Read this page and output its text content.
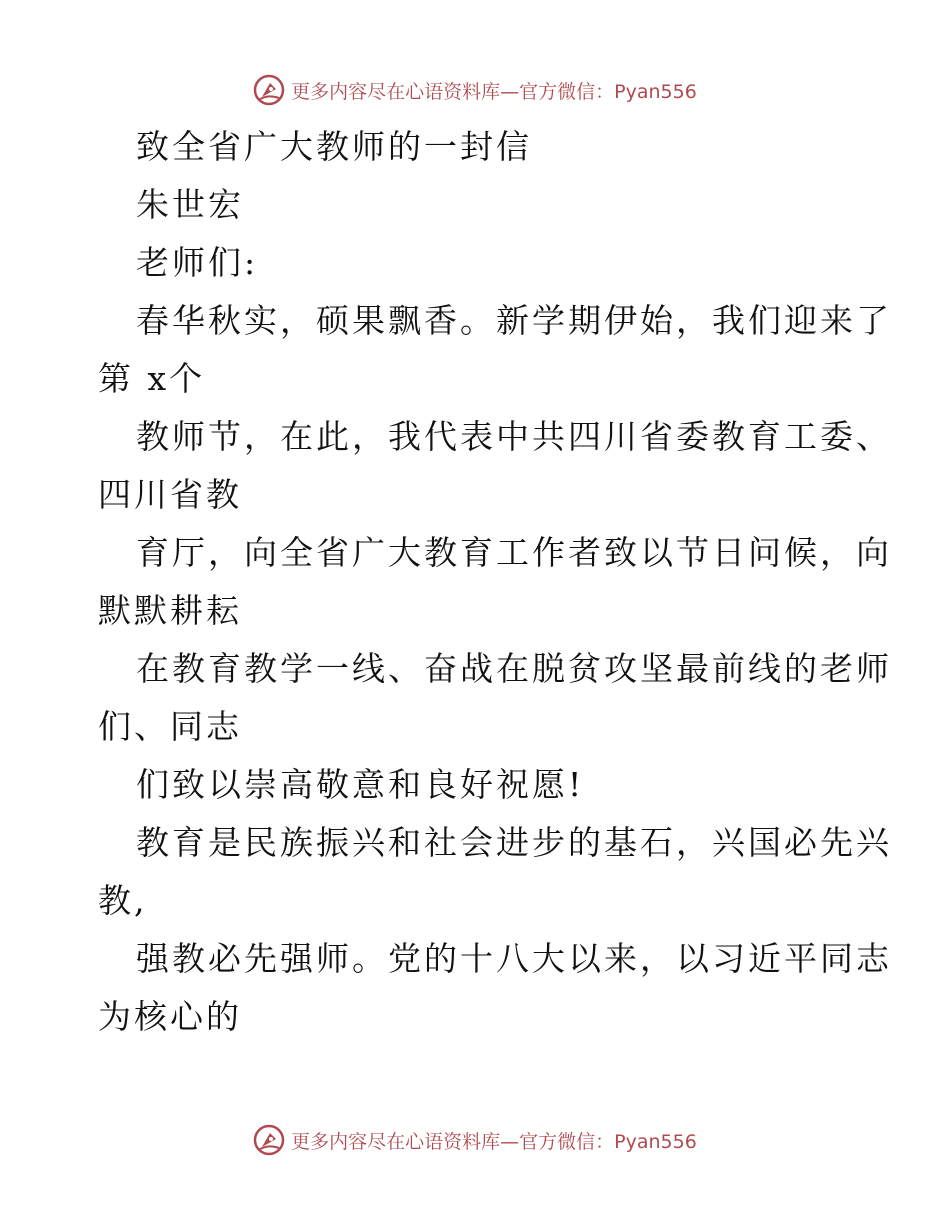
更多内容尽在心语资料库—官方微信：Pyan556
致全省广大教师的一封信
朱世宏
老师们:
春华秋实，硕果飘香。新学期伊始，我们迎来了
第 x个
教师节，在此，我代表中共四川省委教育工委、
四川省教
育厅，向全省广大教育工作者致以节日问候，向
默默耕耘
在教育教学一线、奋战在脱贫攻坚最前线的老师
们、同志
们致以崇高敬意和良好祝愿!
教育是民族振兴和社会进步的基石，兴国必先兴
教,
强教必先强师。党的十八大以来，以习近平同志
为核心的
更多内容尽在心语资料库—官方微信：Pyan556
